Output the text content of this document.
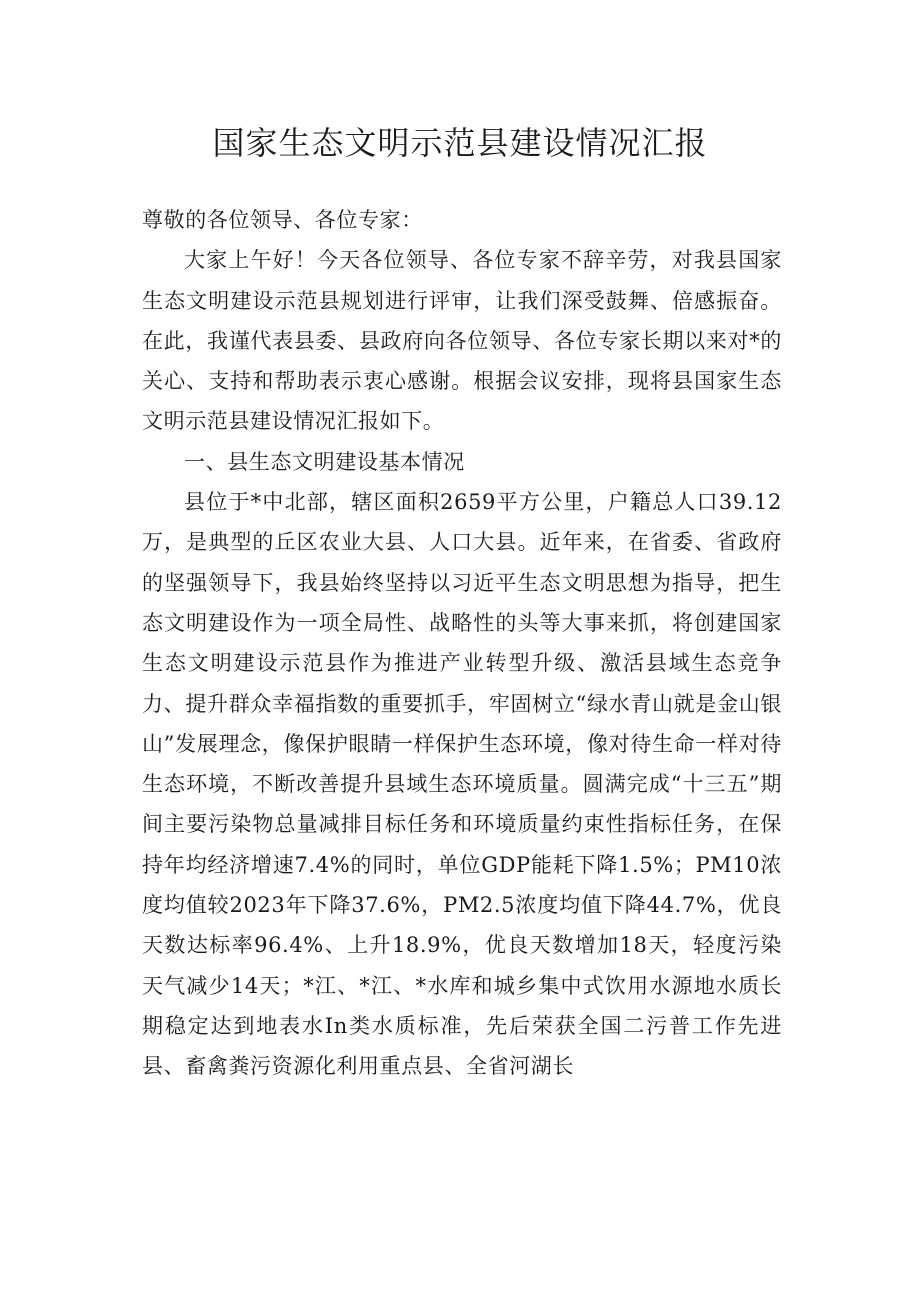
国家生态文明示范县建设情况汇报

尊敬的各位领导、各位专家：

大家上午好！今天各位领导、各位专家不辞辛劳，对我县国家生态文明建设示范县规划进行评审，让我们深受鼓舞、倍感振奋。在此，我谨代表县委、县政府向各位领导、各位专家长期以来对*的关心、支持和帮助表示衷心感谢。根据会议安排，现将县国家生态文明示范县建设情况汇报如下。

一、县生态文明建设基本情况

县位于*中北部，辖区面积2659平方公里，户籍总人口39.12万，是典型的丘区农业大县、人口大县。近年来，在省委、省政府的坚强领导下，我县始终坚持以习近平生态文明思想为指导，把生态文明建设作为一项全局性、战略性的头等大事来抓，将创建国家生态文明建设示范县作为推进产业转型升级、激活县域生态竞争力、提升群众幸福指数的重要抓手，牢固树立“绿水青山就是金山银山”发展理念，像保护眼睛一样保护生态环境，像对待生命一样对待生态环境，不断改善提升县域生态环境质量。圆满完成“十三五”期间主要污染物总量减排目标任务和环境质量约束性指标任务，在保持年均经济增速7.4%的同时，单位GDP能耗下降1.5%；PM10浓度均值较2023年下降37.6%，PM2.5浓度均值下降44.7%，优良天数达标率96.4%、上升18.9%，优良天数增加18天，轻度污染天气减少14天；*江、*江、*水库和城乡集中式饮用水源地水质长期稳定达到地表水In类水质标准，先后荣获全国二污普工作先进县、畜禽粪污资源化利用重点县、全省河湖长
